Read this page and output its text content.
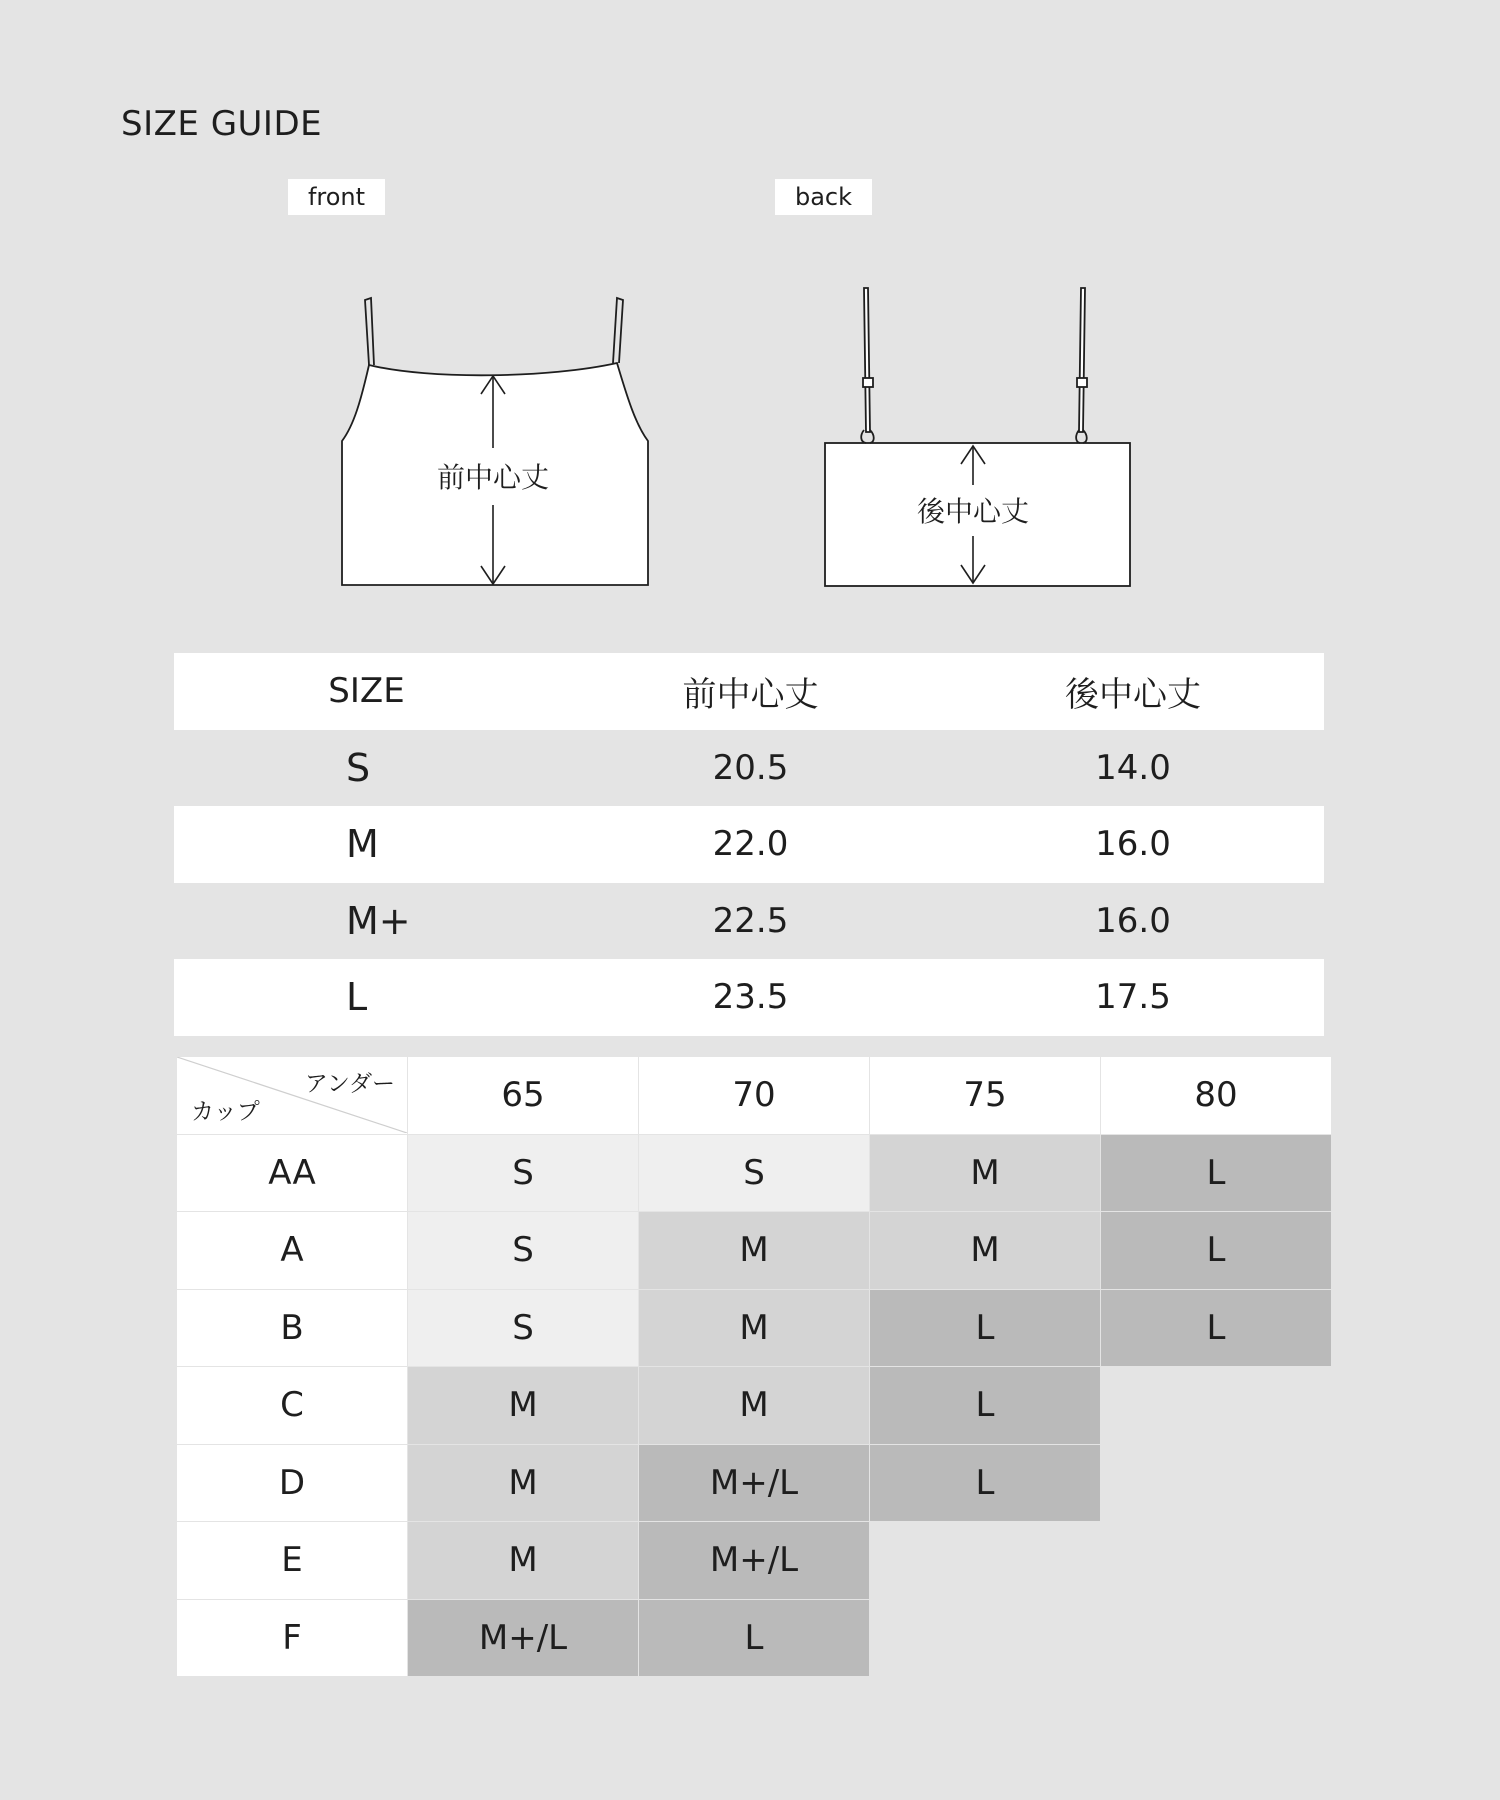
SIZE GUIDE
front	back
前中心丈
後中心丈
SIZE	前中心丈	後中心丈
S	20.5	14.0
M	22.0	16.0
M+	22.5	16.0
L	23.5	17.5
アンダー
カップ	65	70	75	80
AA	S	S	M	L
A	S	M	M	L
B	S	M	L	L
C	M	M	L	
D	M	M+/L	L	
E	M	M+/L		
F	M+/L	L		
